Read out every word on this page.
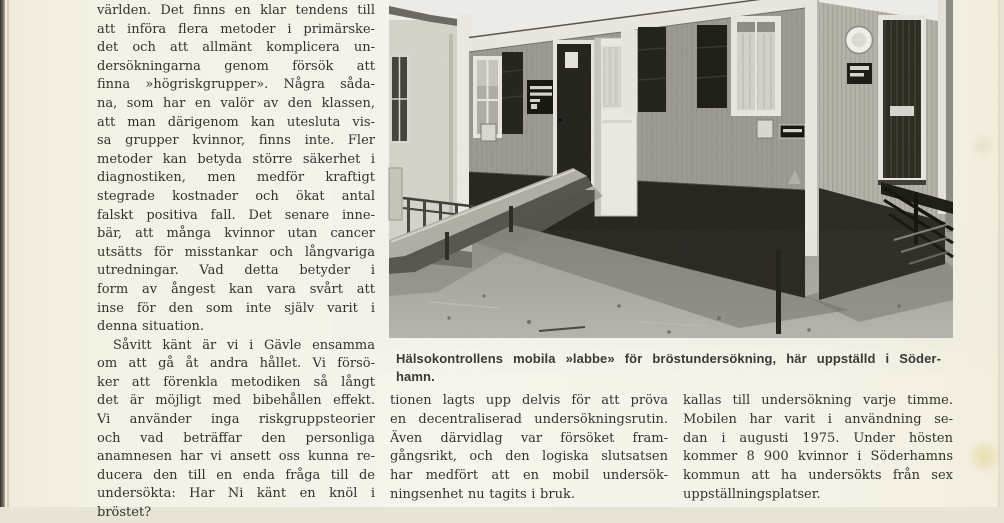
Hälsokontrollens mobila »labbe» för bröstundersökning, här uppställd i Söder-
hamn.
världen. Det finns en klar tendens till
att införa flera metoder i primärske-
det och att allmänt komplicera un-
dersökningarna genom försök att
finna »högriskgrupper». Några såda-
na, som har en valör av den klassen,
att man därigenom kan utesluta vis-
sa grupper kvinnor, finns inte. Fler
metoder kan betyda större säkerhet i
diagnostiken, men medför kraftigt
stegrade kostnader och ökat antal
falskt positiva fall. Det senare inne-
bär, att många kvinnor utan cancer
utsätts för misstankar och långvariga
utredningar. Vad detta betyder i
form av ångest kan vara svårt att
inse för den som inte själv varit i
denna situation.
Såvitt känt är vi i Gävle ensamma
om att gå åt andra hållet. Vi försö-
ker att förenkla metodiken så långt
det är möjligt med bibehållen effekt.
Vi använder inga riskgruppsteorier
och vad beträffar den personliga
anamnesen har vi ansett oss kunna re-
ducera den till en enda fråga till de
undersökta: Har Ni känt en knöl i
bröstet?
tionen lagts upp delvis för att pröva
en decentraliserad undersökningsrutin.
Även därvidlag var försöket fram-
gångsrikt, och den logiska slutsatsen
har medfört att en mobil undersök-
ningsenhet nu tagits i bruk.
kallas till undersökning varje timme.
Mobilen har varit i användning se-
dan i augusti 1975. Under hösten
kommer 8 900 kvinnor i Söderhamns
kommun att ha undersökts från sex
uppställningsplatser.
